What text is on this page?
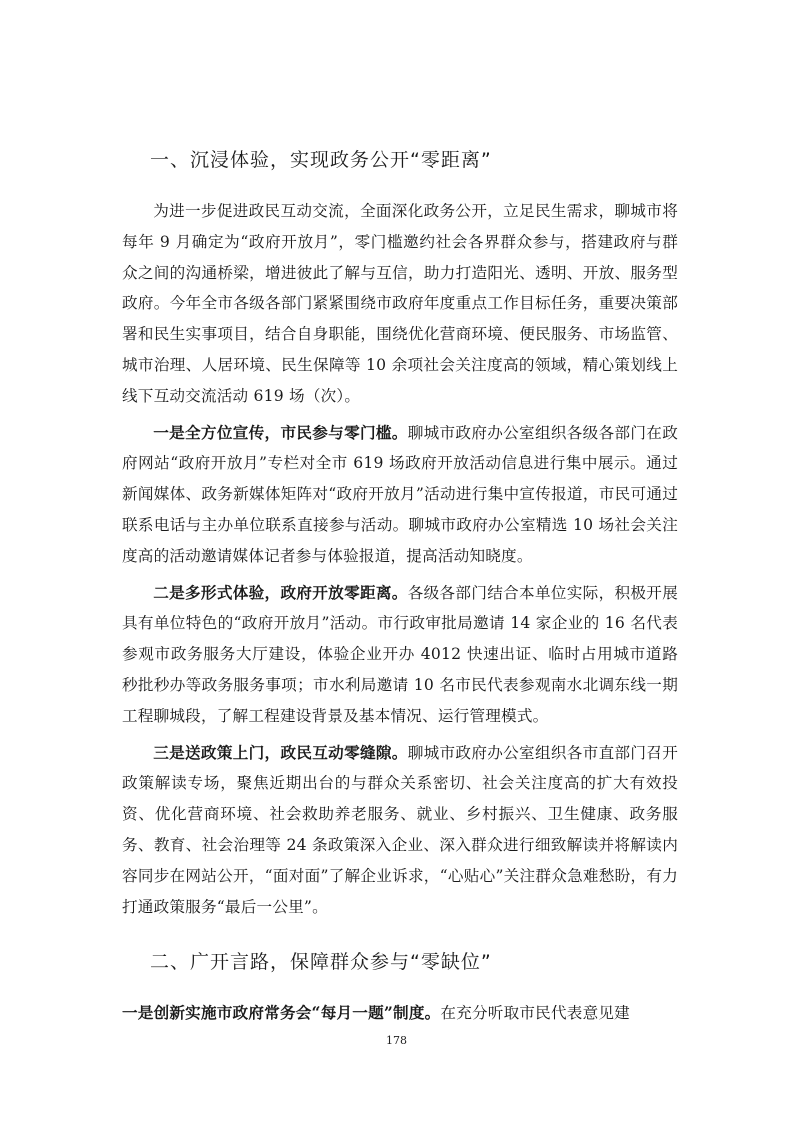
一、沉浸体验，实现政务公开“零距离”

为进一步促进政民互动交流，全面深化政务公开，立足民生需求，聊城市将每年 9 月确定为“政府开放月”，零门槛邀约社会各界群众参与，搭建政府与群众之间的沟通桥梁，增进彼此了解与互信，助力打造阳光、透明、开放、服务型政府。今年全市各级各部门紧紧围绕市政府年度重点工作目标任务，重要决策部署和民生实事项目，结合自身职能，围绕优化营商环境、便民服务、市场监管、城市治理、人居环境、民生保障等 10 余项社会关注度高的领域，精心策划线上线下互动交流活动 619 场（次）。

一是全方位宣传，市民参与零门槛。聊城市政府办公室组织各级各部门在政府网站“政府开放月”专栏对全市 619 场政府开放活动信息进行集中展示。通过新闻媒体、政务新媒体矩阵对“政府开放月”活动进行集中宣传报道，市民可通过联系电话与主办单位联系直接参与活动。聊城市政府办公室精选 10 场社会关注度高的活动邀请媒体记者参与体验报道，提高活动知晓度。

二是多形式体验，政府开放零距离。各级各部门结合本单位实际，积极开展具有单位特色的“政府开放月”活动。市行政审批局邀请 14 家企业的 16 名代表参观市政务服务大厅建设，体验企业开办 4012 快速出证、临时占用城市道路秒批秒办等政务服务事项；市水利局邀请 10 名市民代表参观南水北调东线一期工程聊城段，了解工程建设背景及基本情况、运行管理模式。

三是送政策上门，政民互动零缝隙。聊城市政府办公室组织各市直部门召开政策解读专场，聚焦近期出台的与群众关系密切、社会关注度高的扩大有效投资、优化营商环境、社会救助养老服务、就业、乡村振兴、卫生健康、政务服务、教育、社会治理等 24 条政策深入企业、深入群众进行细致解读并将解读内容同步在网站公开，“面对面”了解企业诉求，“心贴心”关注群众急难愁盼，有力打通政策服务“最后一公里”。

二、广开言路，保障群众参与“零缺位”

一是创新实施市政府常务会“每月一题”制度。在充分听取市民代表意见建

178
